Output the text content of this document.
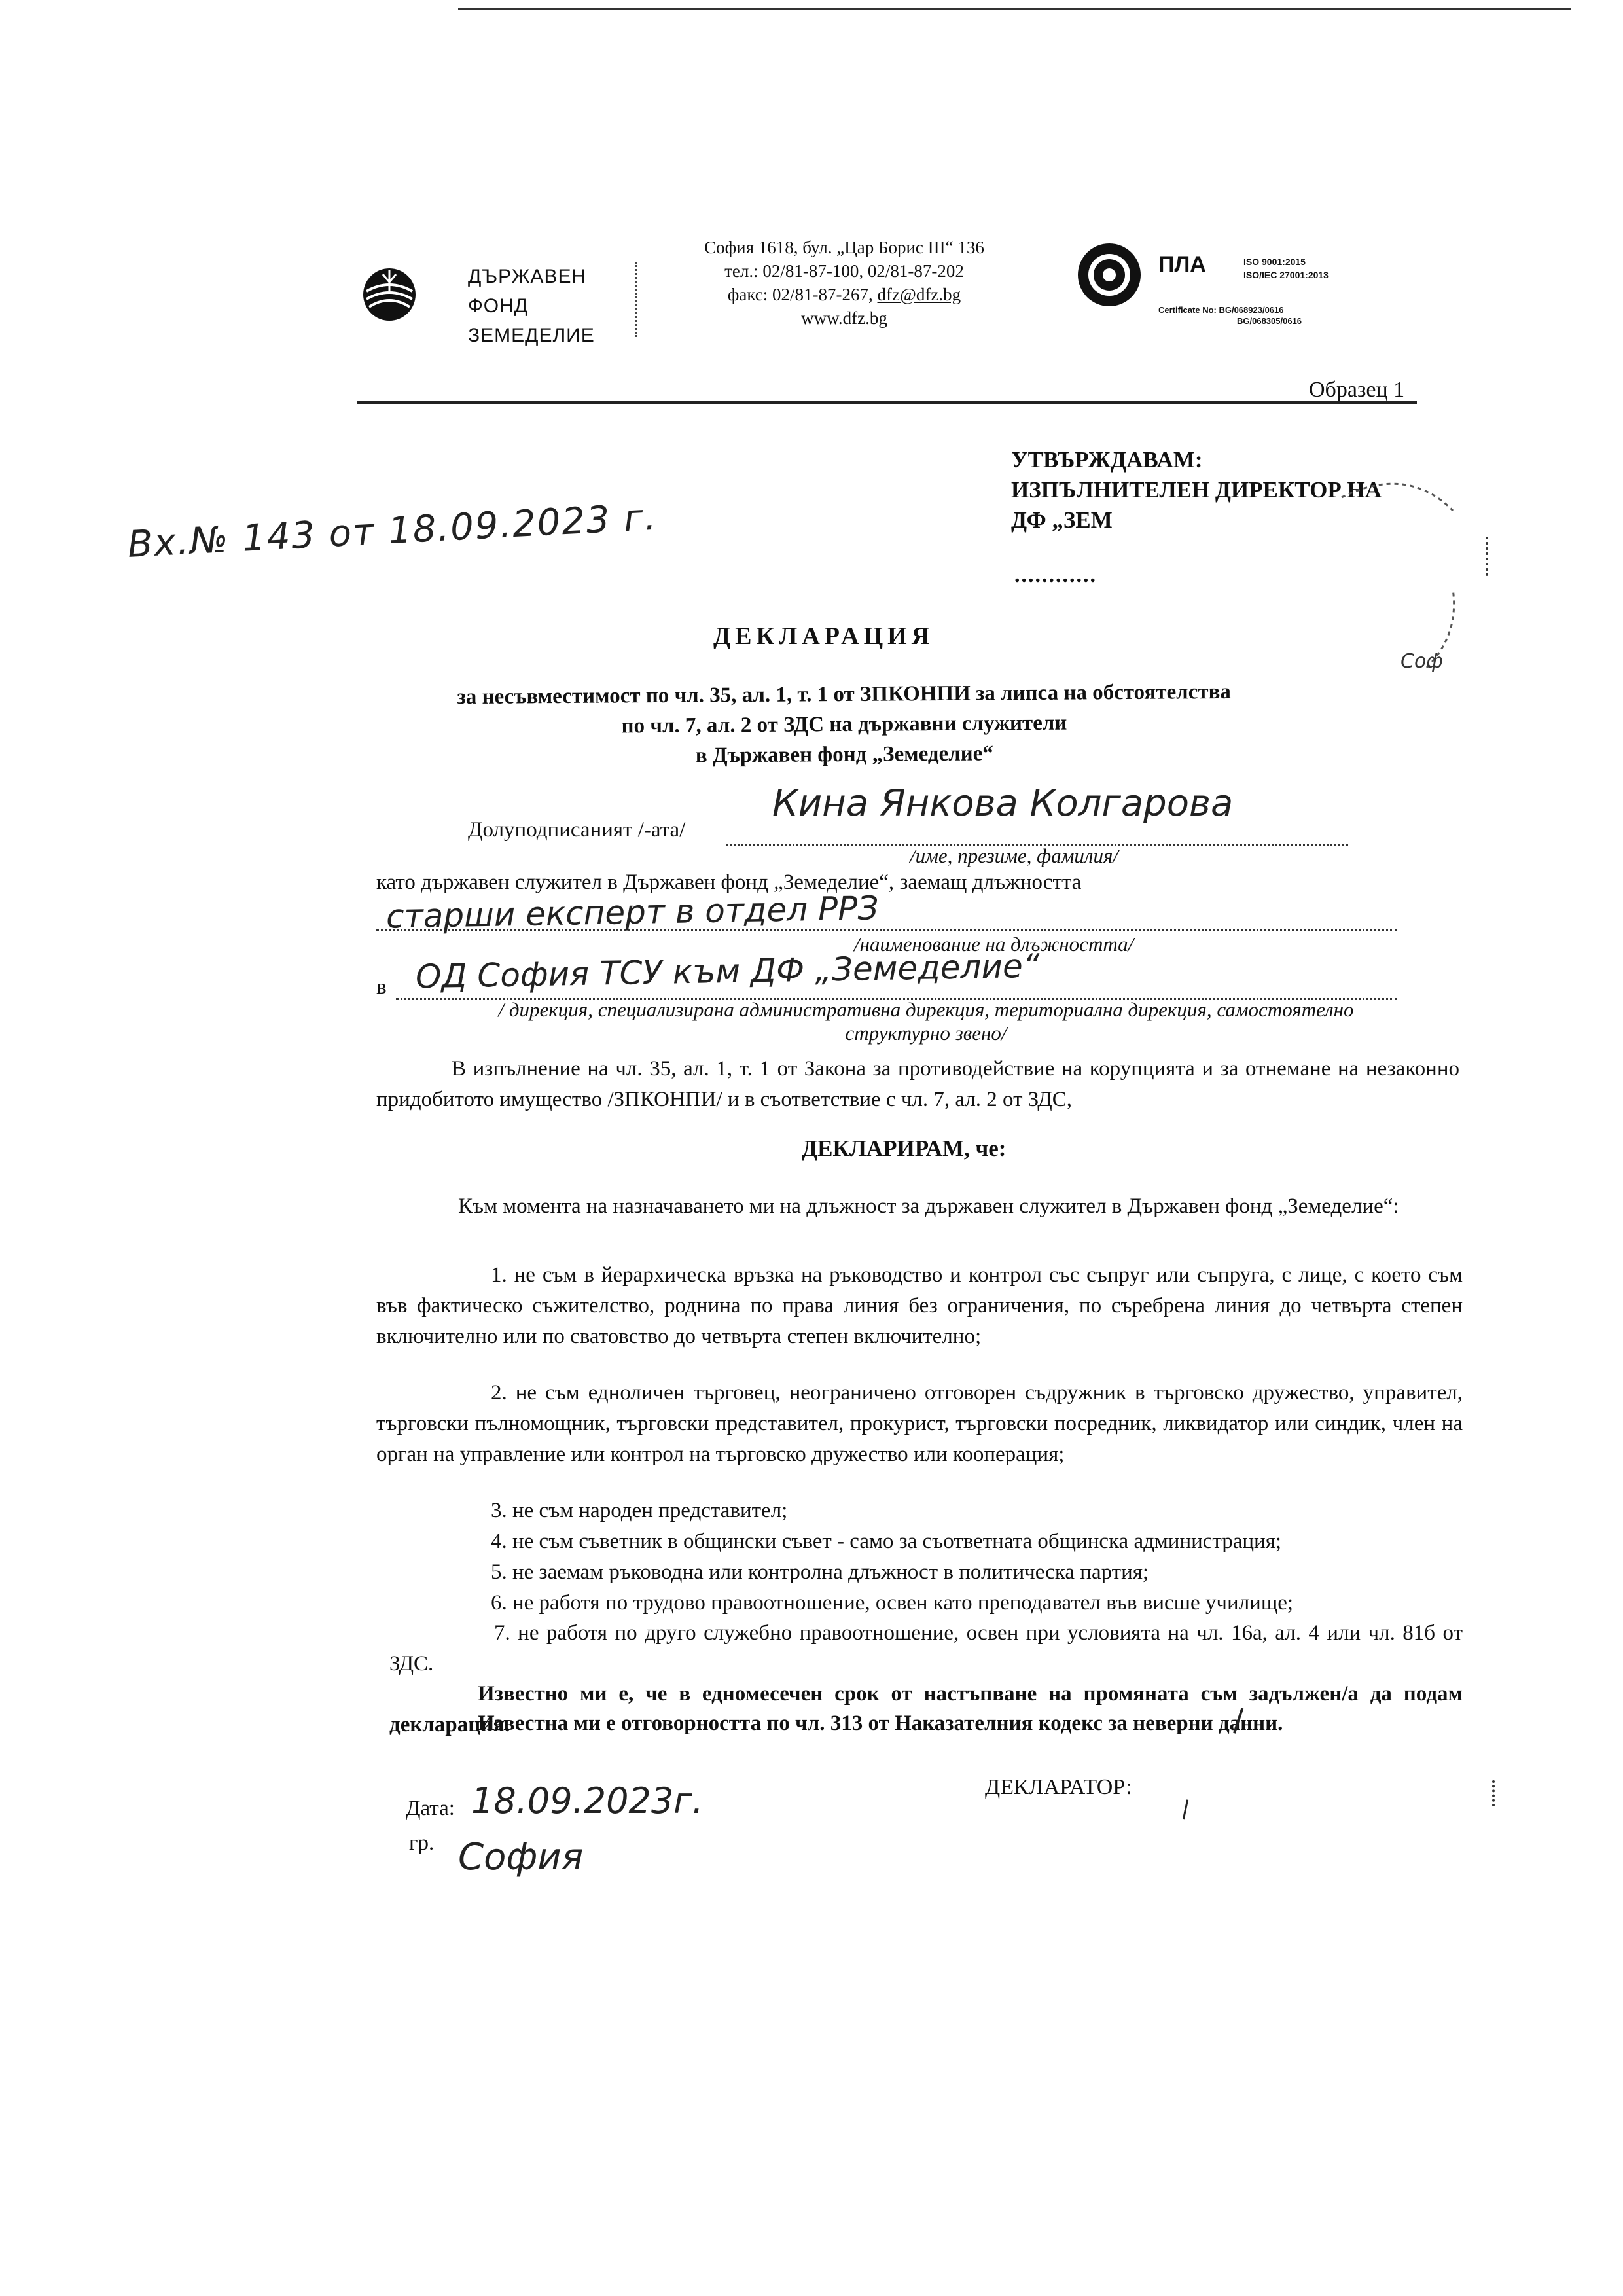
ДЪРЖАВЕН
ФОНД
ЗЕМЕДЕЛИЕ
София 1618, бул. „Цар Борис III“ 136
тел.: 02/81-87-100, 02/81-87-202
факс: 02/81-87-267, dfz@dfz.bg
www.dfz.bg
ПЛА	ISO 9001:2015
ISO/IEC 27001:2013
Certificate No: BG/068923/0616
BG/068305/0616
Образец 1
УТВЪРЖДАВАМ:
ИЗПЪЛНИТЕЛЕН ДИРЕКТОР НА
ДФ „ЗЕМ
............
Соф
Вх.№ 143 от 18.09.2023 г.
ДЕКЛАРАЦИЯ
за несъвместимост по чл. 35, ал. 1, т. 1 от ЗПКОНПИ за липса на обстоятелства
по чл. 7, ал. 2 от ЗДС на държавни служители
в Държавен фонд „Земеделие“
Долуподписаният /-ата/
Кина Янкова Колгарова
/име, презиме, фамилия/
като държавен служител в Държавен фонд „Земеделие“, заемащ длъжността
старши експерт в отдел РРЗ
/наименование на длъжността/
в ОД София ТСУ към ДФ „Земеделие“
/ дирекция, специализирана административна дирекция, териториална дирекция, самостоятелно
структурно звено/
В изпълнение на чл. 35, ал. 1, т. 1 от Закона за противодействие на корупцията и за отнемане на незаконно придобитото имущество /ЗПКОНПИ/ и в съответствие с чл. 7, ал. 2 от ЗДС,
ДЕКЛАРИРАМ, че:
Към момента на назначаването ми на длъжност за държавен служител в Държавен фонд „Земеделие“:
1. не съм в йерархическа връзка на ръководство и контрол със съпруг или съпруга, с лице, с което съм във фактическо съжителство, роднина по права линия без ограничения, по съребрена линия до четвърта степен включително или по сватовство до четвърта степен включително;
2. не съм едноличен търговец, неограничено отговорен съдружник в търговско дружество, управител, търговски пълномощник, търговски представител, прокурист, търговски посредник, ликвидатор или синдик, член на орган на управление или контрол на търговско дружество или кооперация;
3. не съм народен представител;
4. не съм съветник в общински съвет - само за съответната общинска администрация;
5. не заемам ръководна или контролна длъжност в политическа партия;
6. не работя по трудово правоотношение, освен като преподавател във висше училище;
7. не работя по друго служебно правоотношение, освен при условията на чл. 16а, ал. 4 или чл. 81б от ЗДС.
Известно ми е, че в едномесечен срок от настъпване на промяната съм задължен/а да подам декларация.
Известна ми е отговорността по чл. 313 от Наказателния кодекс за неверни данни.
Дата: 18.09.2023г.
гр. София
ДЕКЛАРАТОР:
